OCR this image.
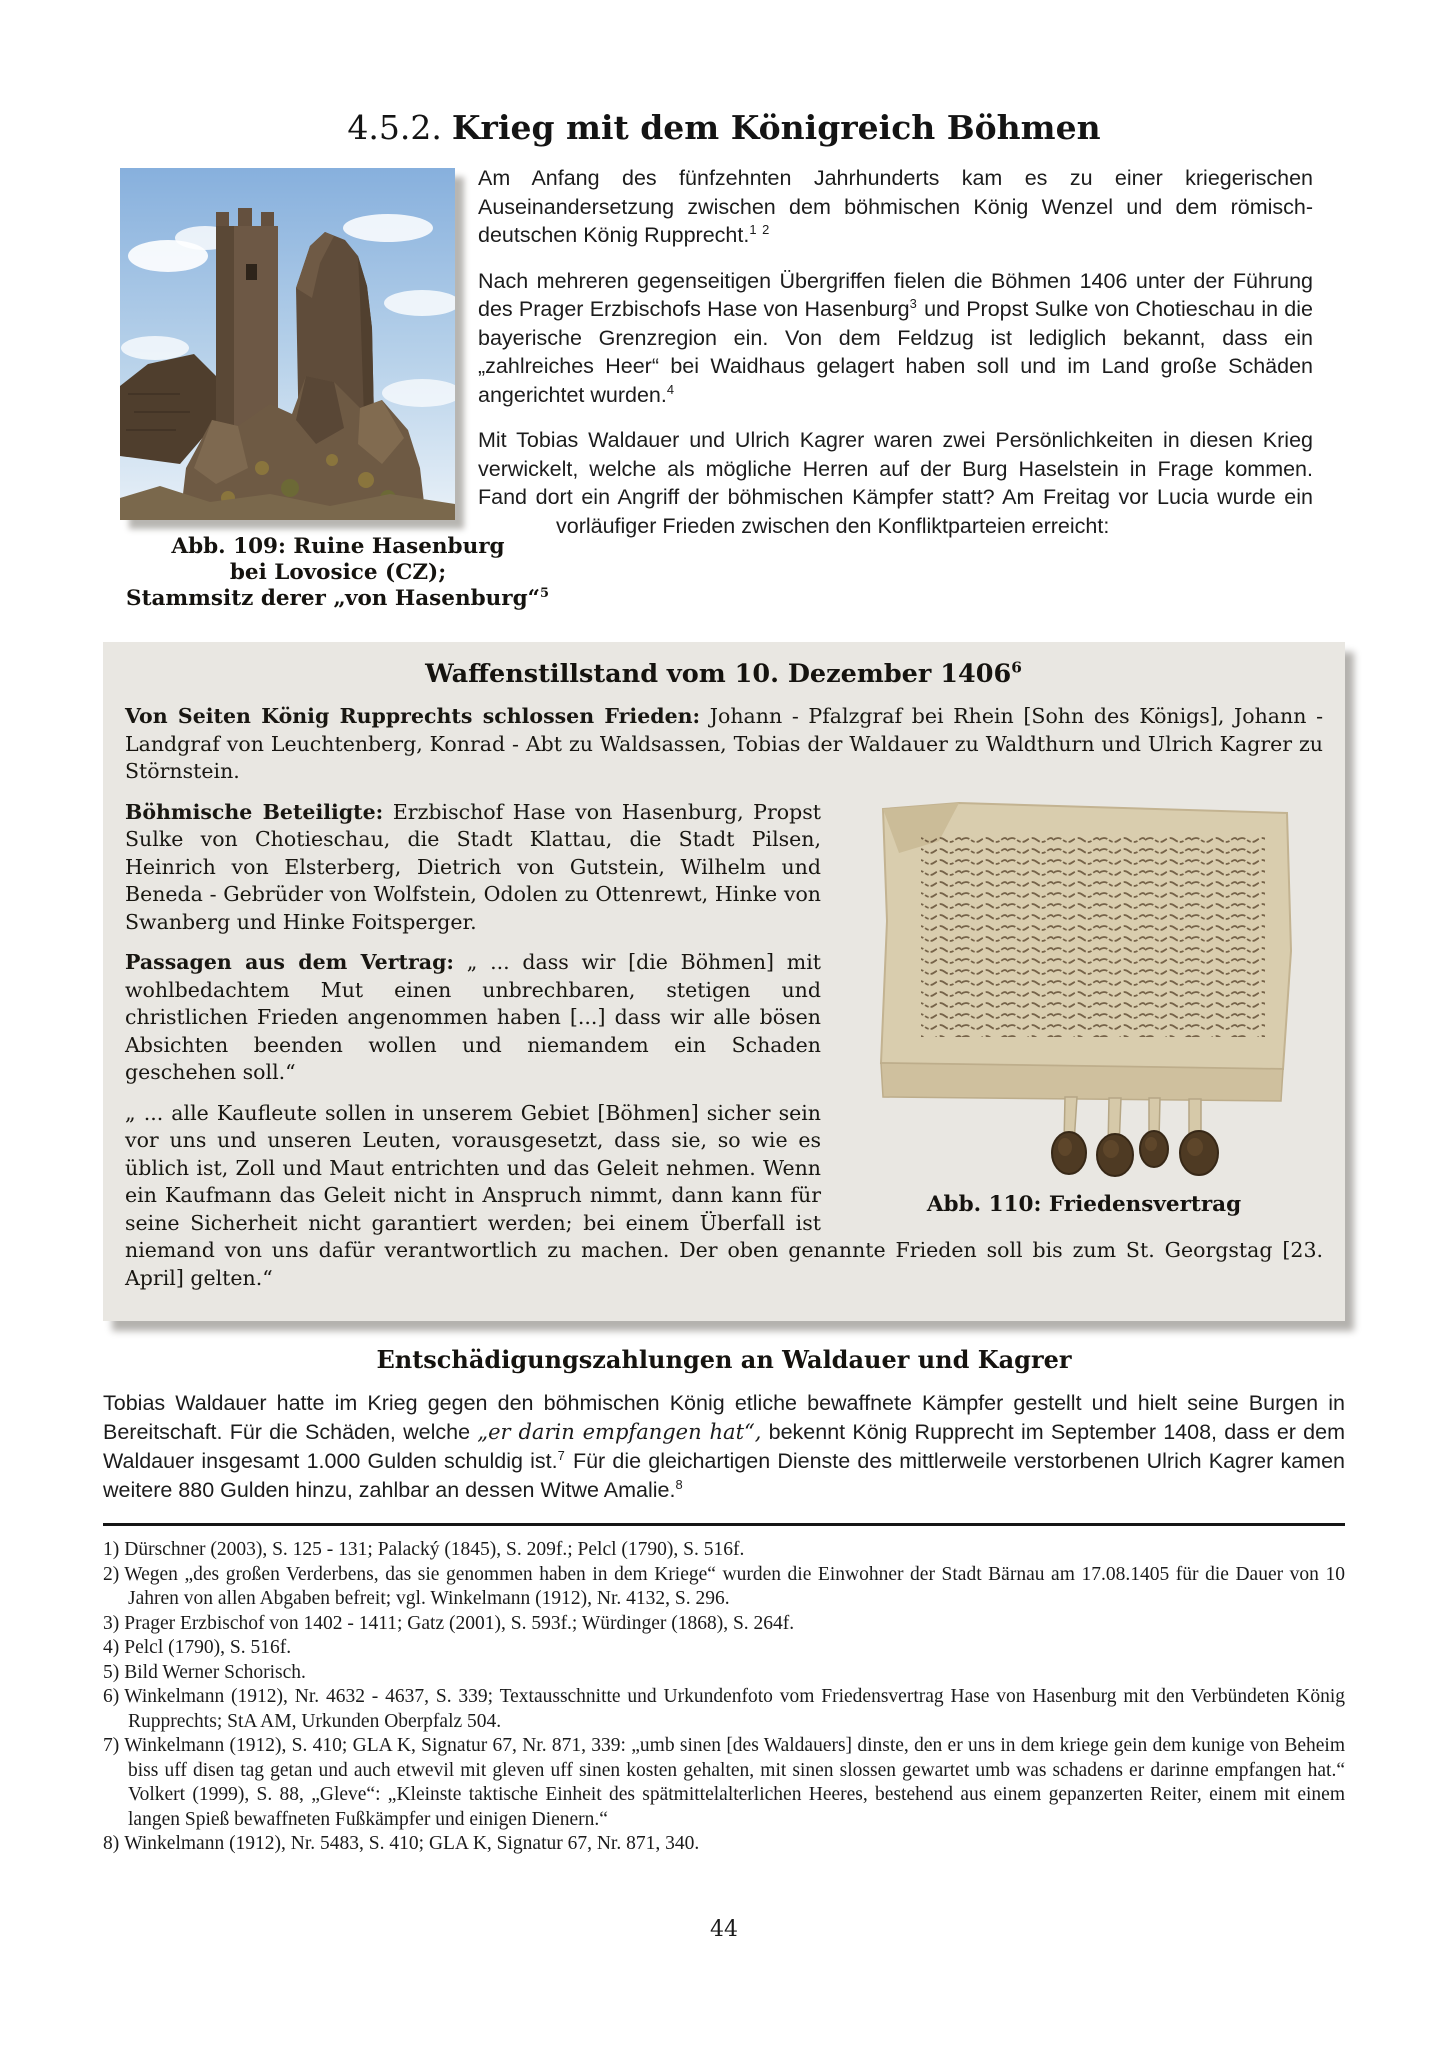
4.5.2. Krieg mit dem Königreich Böhmen
Abb. 109: Ruine Hasenburg
bei Lovosice (CZ);
Stammsitz derer „von Hasenburg“$^5$

Am Anfang des fünfzehnten Jahrhunderts kam es zu einer kriegerischen Auseinandersetzung zwischen dem böhmischen König Wenzel und dem römisch-deutschen König Rupprecht.$^{1 2}$

Nach mehreren gegenseitigen Übergriffen fielen die Böhmen 1406 unter der Führung des Prager Erzbischofs Hase von Hasenburg$^3$ und Propst Sulke von Chotieschau in die bayerische Grenzregion ein. Von dem Feldzug ist lediglich bekannt, dass ein „zahlreiches Heer“ bei Waidhaus gelagert haben soll und im Land große Schäden angerichtet wurden.$^4$

Mit Tobias Waldauer und Ulrich Kagrer waren zwei Persönlichkeiten in diesen Krieg verwickelt, welche als mögliche Herren auf der Burg Haselstein in Frage kommen. Fand dort ein Angriff der böhmischen Kämpfer statt? Am Freitag vor Lucia wurde ein vorläufiger Frieden zwischen den Konfliktparteien erreicht:

Waffenstillstand vom 10. Dezember 1406$^6$

Von Seiten König Rupprechts schlossen Frieden: Johann - Pfalzgraf bei Rhein [Sohn des Königs], Johann - Landgraf von Leuchtenberg, Konrad - Abt zu Waldsassen, Tobias der Waldauer zu Waldthurn und Ulrich Kagrer zu Störnstein.

Abb. 110: Friedensvertrag

Böhmische Beteiligte: Erzbischof Hase von Hasenburg, Propst Sulke von Chotieschau, die Stadt Klattau, die Stadt Pilsen, Heinrich von Elsterberg, Dietrich von Gutstein, Wilhelm und Beneda - Gebrüder von Wolfstein, Odolen zu Ottenrewt, Hinke von Swanberg und Hinke Foitsperger.

Passagen aus dem Vertrag: „ ... dass wir [die Böhmen] mit wohlbedachtem Mut einen unbrechbaren, stetigen und christlichen Frieden angenommen haben [...] dass wir alle bösen Absichten beenden wollen und niemandem ein Schaden geschehen soll.“

„ ... alle Kaufleute sollen in unserem Gebiet [Böhmen] sicher sein vor uns und unseren Leuten, vorausgesetzt, dass sie, so wie es üblich ist, Zoll und Maut entrichten und das Geleit nehmen. Wenn ein Kaufmann das Geleit nicht in Anspruch nimmt, dann kann für seine Sicherheit nicht garantiert werden; bei einem Überfall ist niemand von uns dafür verantwortlich zu machen. Der oben genannte Frieden soll bis zum St. Georgstag [23. April] gelten.“

Entschädigungszahlungen an Waldauer und Kagrer

Tobias Waldauer hatte im Krieg gegen den böhmischen König etliche bewaffnete Kämpfer gestellt und hielt seine Burgen in Bereitschaft. Für die Schäden, welche „er darin empfangen hat“, bekennt König Rupprecht im September 1408, dass er dem Waldauer insgesamt 1.000 Gulden schuldig ist.$^7$ Für die gleichartigen Dienste des mittlerweile verstorbenen Ulrich Kagrer kamen weitere 880 Gulden hinzu, zahlbar an dessen Witwe Amalie.$^8$

1) Dürschner (2003), S. 125 - 131; Palacký (1845), S. 209f.; Pelcl (1790), S. 516f.
2) Wegen „des großen Verderbens, das sie genommen haben in dem Kriege“ wurden die Einwohner der Stadt Bärnau am 17.08.1405 für die Dauer von 10 Jahren von allen Abgaben befreit; vgl. Winkelmann (1912), Nr. 4132, S. 296.
3) Prager Erzbischof von 1402 - 1411; Gatz (2001), S. 593f.; Würdinger (1868), S. 264f.
4) Pelcl (1790), S. 516f.
5) Bild Werner Schorisch.
6) Winkelmann (1912), Nr. 4632 - 4637, S. 339; Textausschnitte und Urkundenfoto vom Friedensvertrag Hase von Hasenburg mit den Verbündeten König Rupprechts; StA AM, Urkunden Oberpfalz 504.
7) Winkelmann (1912), S. 410; GLA K, Signatur 67, Nr. 871, 339: „umb sinen [des Waldauers] dinste, den er uns in dem kriege gein dem kunige von Beheim biss uff disen tag getan und auch etwevil mit gleven uff sinen kosten gehalten, mit sinen slossen gewartet umb was schadens er darinne empfangen hat.“ Volkert (1999), S. 88, „Gleve“: „Kleinste taktische Einheit des spätmittelalterlichen Heeres, bestehend aus einem gepanzerten Reiter, einem mit einem langen Spieß bewaffneten Fußkämpfer und einigen Dienern.“
8) Winkelmann (1912), Nr. 5483, S. 410; GLA K, Signatur 67, Nr. 871, 340.
44
